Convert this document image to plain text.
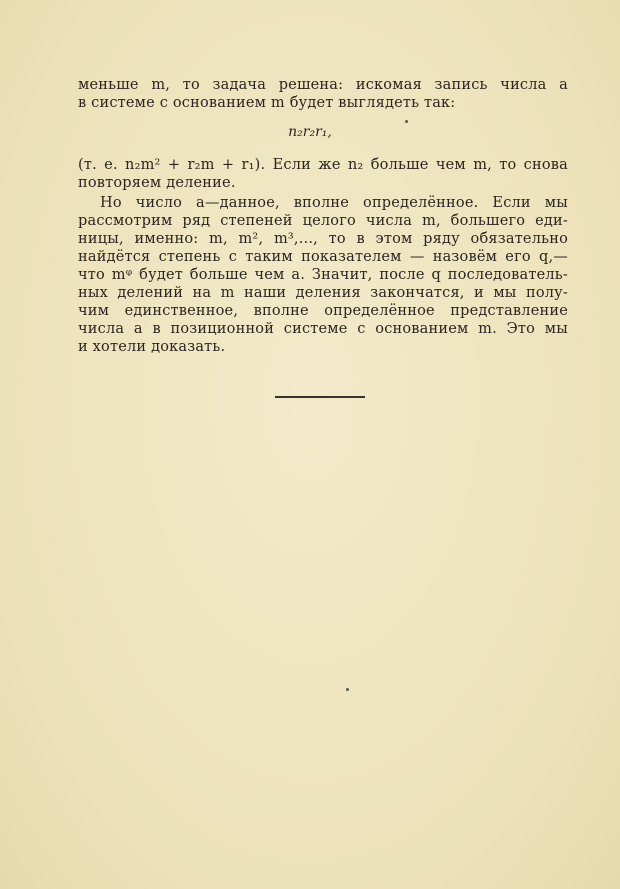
меньше m, то задача решена: искомая запись числа a
в системе с основанием m будет выглядеть так:
n₂r₂r₁,
(т. е. n₂m² + r₂m + r₁). Если же n₂ больше чем m, то снова
повторяем деление.
Но число a—данное, вполне определённое. Если мы
рассмотрим ряд степеней целого числа m, большего еди-
ницы, именно: m, m², m³,..., то в этом ряду обязательно
найдётся степень с таким показателем — назовём его q,—
что mᵠ будет больше чем a. Значит, после q последователь-
ных делений на m наши деления закончатся, и мы полу-
чим единственное, вполне определённое представление
числа a в позиционной системе с основанием m. Это мы
и хотели доказать.
